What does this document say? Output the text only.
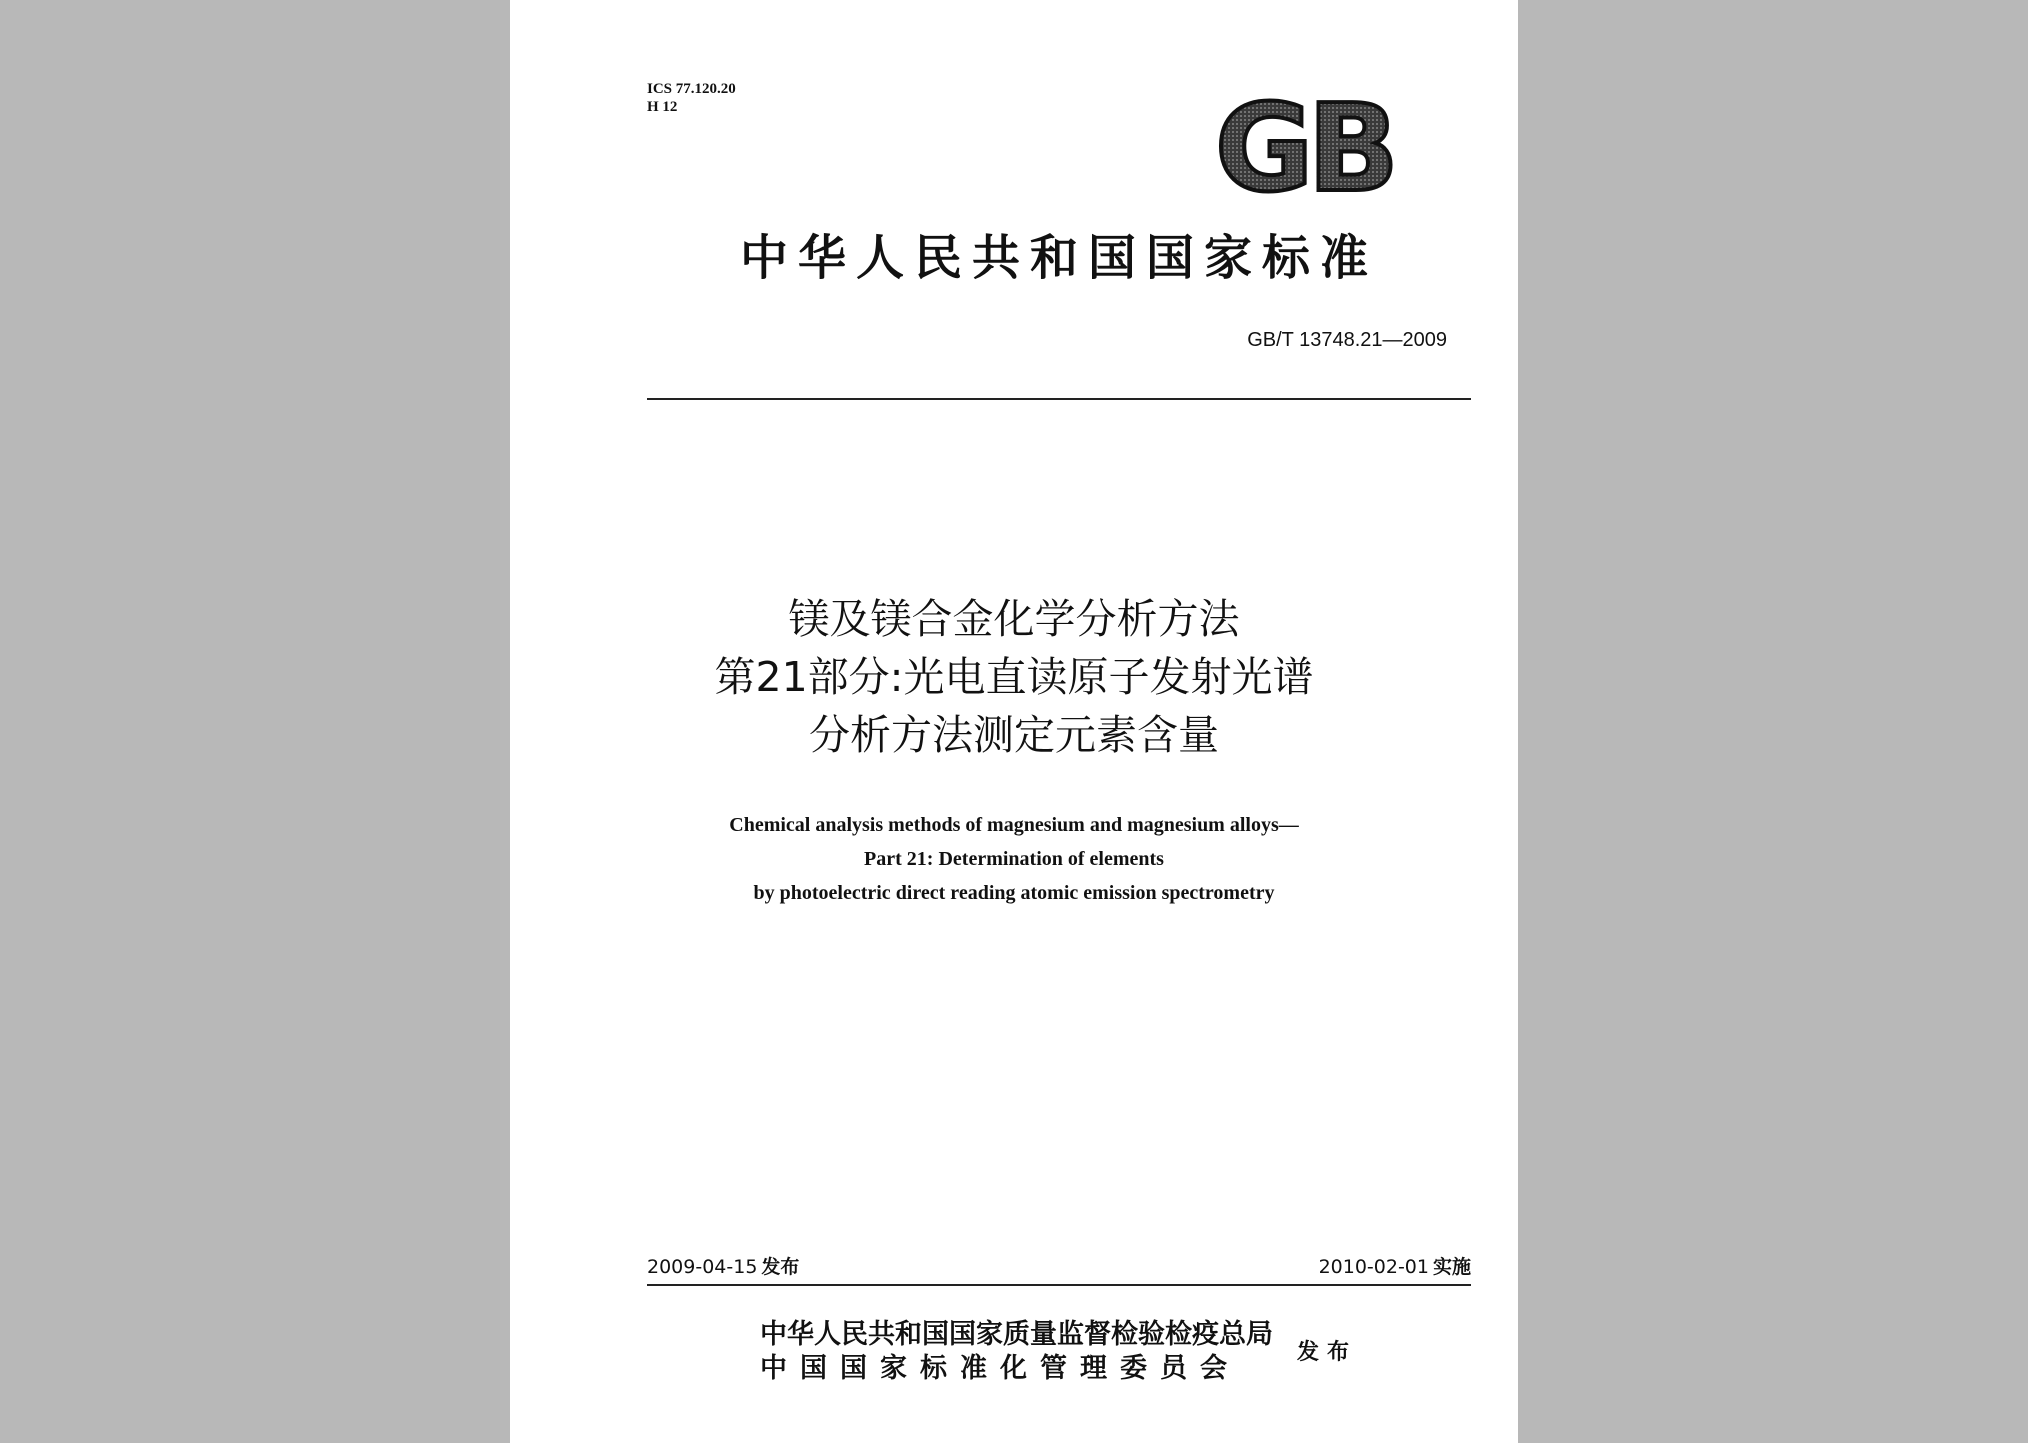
ICS 77.120.20
H 12	GB
中华人民共和国国家标准
GB/T 13748.21—2009
镁及镁合金化学分析方法
第21部分:光电直读原子发射光谱
分析方法测定元素含量
Chemical analysis methods of magnesium and magnesium alloys—
Part 21: Determination of elements
by photoelectric direct reading atomic emission spectrometry
2009-04-15 发布	2010-02-01 实施
中华人民共和国国家质量监督检验检疫总局
中国国家标准化管理委员会
发布
